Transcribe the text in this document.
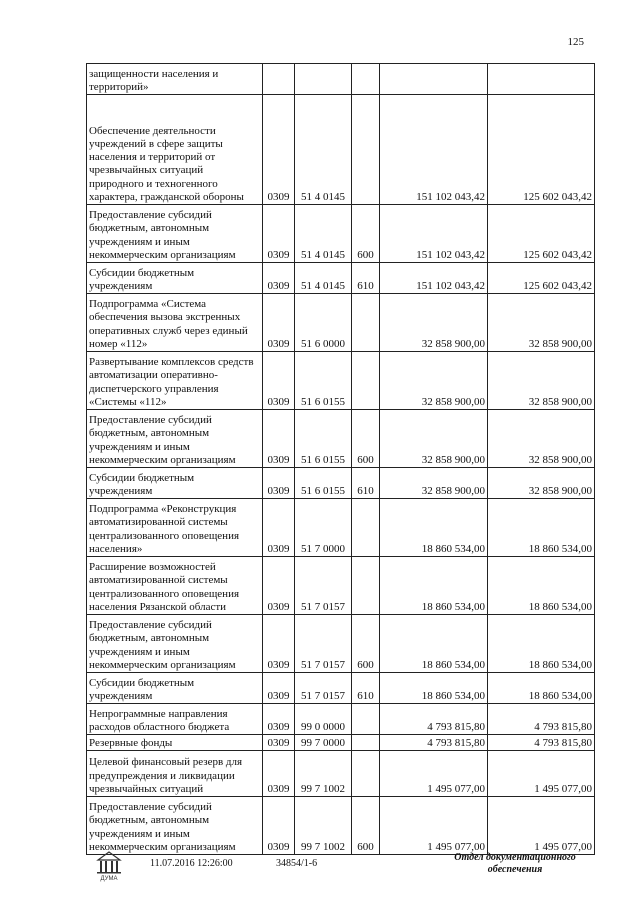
125
защищенности населения и территорий»					
Обеспечение деятельности учреждений в сфере защиты населения и территорий от чрезвычайных ситуаций природного и техногенного характера, гражданской обороны	0309	51 4 0145		151 102 043,42	125 602 043,42
Предоставление субсидий бюджетным, автономным учреждениям и иным некоммерческим организациям	0309	51 4 0145	600	151 102 043,42	125 602 043,42
Субсидии бюджетным учреждениям	0309	51 4 0145	610	151 102 043,42	125 602 043,42
Подпрограмма «Система обеспечения вызова экстренных оперативных служб через единый номер «112»	0309	51 6 0000		32 858 900,00	32 858 900,00
Развертывание комплексов средств автоматизации оперативно-диспетчерского управления «Системы «112»	0309	51 6 0155		32 858 900,00	32 858 900,00
Предоставление субсидий бюджетным, автономным учреждениям и иным некоммерческим организациям	0309	51 6 0155	600	32 858 900,00	32 858 900,00
Субсидии бюджетным учреждениям	0309	51 6 0155	610	32 858 900,00	32 858 900,00
Подпрограмма «Реконструкция автоматизированной системы централизованного оповещения населения»	0309	51 7 0000		18 860 534,00	18 860 534,00
Расширение возможностей автоматизированной системы централизованного оповещения населения Рязанской области	0309	51 7 0157		18 860 534,00	18 860 534,00
Предоставление субсидий бюджетным, автономным учреждениям и иным некоммерческим организациям	0309	51 7 0157	600	18 860 534,00	18 860 534,00
Субсидии бюджетным учреждениям	0309	51 7 0157	610	18 860 534,00	18 860 534,00
Непрограммные направления расходов областного бюджета	0309	99 0 0000		4 793 815,80	4 793 815,80
Резервные фонды	0309	99 7 0000		4 793 815,80	4 793 815,80
Целевой финансовый резерв для предупреждения и ликвидации чрезвычайных ситуаций	0309	99 7 1002		1 495 077,00	1 495 077,00
Предоставление субсидий бюджетным, автономным учреждениям и иным некоммерческим организациям	0309	99 7 1002	600	1 495 077,00	1 495 077,00
ДУМА
11.07.2016 12:26:00	34854/1-6
Отдел документационного обеспечения
